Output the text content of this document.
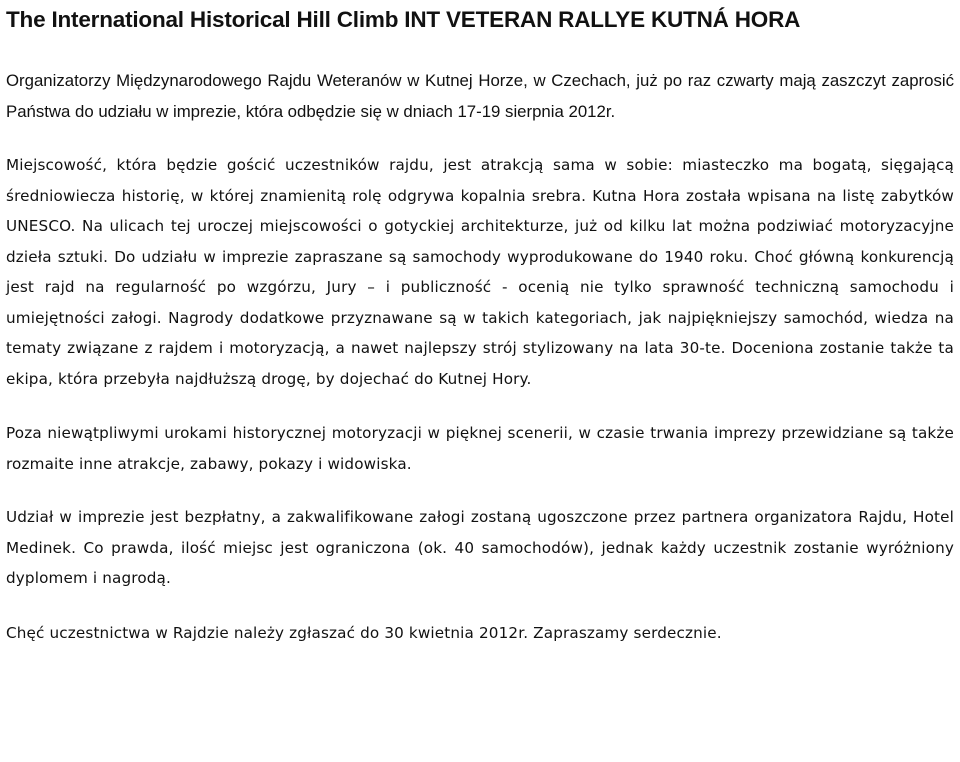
The International Historical Hill Climb INT VETERAN RALLYE KUTNÁ HORA

Organizatorzy Międzynarodowego Rajdu Weteranów w Kutnej Horze, w Czechach, już po raz czwarty mają zaszczyt zaprosić Państwa do udziału w imprezie, która odbędzie się w dniach 17-19 sierpnia 2012r.

Miejscowość, która będzie gościć uczestników rajdu, jest atrakcją sama w sobie: miasteczko ma bogatą, sięgającą średniowiecza historię, w której znamienitą rolę odgrywa kopalnia srebra. Kutna Hora została wpisana na listę zabytków UNESCO. Na ulicach tej uroczej miejscowości o gotyckiej architekturze, już od kilku lat można podziwiać motoryzacyjne dzieła sztuki. Do udziału w imprezie zapraszane są samochody wyprodukowane do 1940 roku. Choć główną konkurencją jest rajd na regularność po wzgórzu, Jury – i publiczność - ocenią nie tylko sprawność techniczną samochodu i umiejętności załogi. Nagrody dodatkowe przyznawane są w takich kategoriach, jak najpiękniejszy samochód, wiedza na tematy związane z rajdem i motoryzacją, a nawet najlepszy strój stylizowany na lata 30-te. Doceniona zostanie także ta ekipa, która przebyła najdłuższą drogę, by dojechać do Kutnej Hory.

Poza niewątpliwymi urokami historycznej motoryzacji w pięknej scenerii, w czasie trwania imprezy przewidziane są także rozmaite inne atrakcje, zabawy, pokazy i widowiska.

Udział w imprezie jest bezpłatny, a zakwalifikowane załogi zostaną ugoszczone przez partnera organizatora Rajdu, Hotel Medinek. Co prawda, ilość miejsc jest ograniczona (ok. 40 samochodów), jednak każdy uczestnik zostanie wyróżniony dyplomem i nagrodą.

Chęć uczestnictwa w Rajdzie należy zgłaszać do 30 kwietnia 2012r. Zapraszamy serdecznie.
